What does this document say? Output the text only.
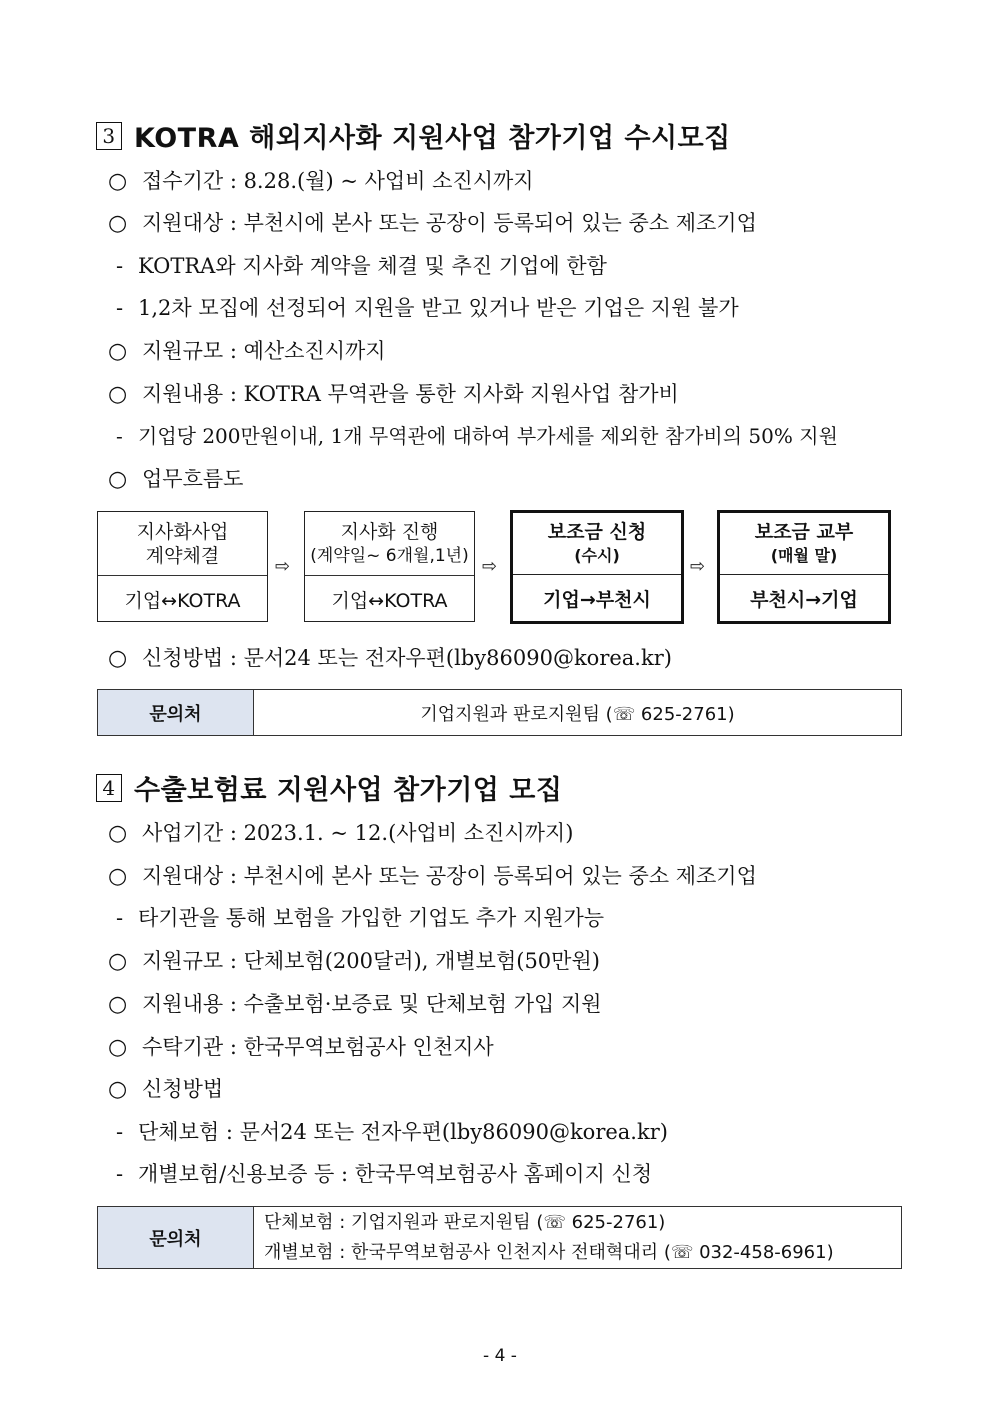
3 KOTRA 해외지사화 지원사업 참가기업 수시모집
○ 접수기간 : 8.28.(월) ~ 사업비 소진시까지
○ 지원대상 : 부천시에 본사 또는 공장이 등록되어 있는 중소 제조기업
- KOTRA와 지사화 계약을 체결 및 추진 기업에 한함
- 1,2차 모집에 선정되어 지원을 받고 있거나 받은 기업은 지원 불가
○ 지원규모 : 예산소진시까지
○ 지원내용 : KOTRA 무역관을 통한 지사화 지원사업 참가비
- 기업당 200만원이내, 1개 무역관에 대하여 부가세를 제외한 참가비의 50% 지원
○ 업무흐름도
지사화사업
계약체결
기업↔KOTRA
⇨
지사화 진행
(계약일~ 6개월,1년)
기업↔KOTRA
⇨
보조금 신청
(수시)
기업→부천시
⇨
보조금 교부
(매월 말)
부천시→기업
○ 신청방법 : 문서24 또는 전자우편(lby86090@korea.kr)
문의처	기업지원과 판로지원팀 (☏ 625-2761)
4 수출보험료 지원사업 참가기업 모집
○ 사업기간 : 2023.1. ~ 12.(사업비 소진시까지)
○ 지원대상 : 부천시에 본사 또는 공장이 등록되어 있는 중소 제조기업
- 타기관을 통해 보험을 가입한 기업도 추가 지원가능
○ 지원규모 : 단체보험(200달러), 개별보험(50만원)
○ 지원내용 : 수출보험·보증료 및 단체보험 가입 지원
○ 수탁기관 : 한국무역보험공사 인천지사
○ 신청방법
- 단체보험 : 문서24 또는 전자우편(lby86090@korea.kr)
- 개별보험/신용보증 등 : 한국무역보험공사 홈페이지 신청
문의처
단체보험 : 기업지원과 판로지원팀 (☏ 625-2761)
개별보험 : 한국무역보험공사 인천지사 전태혁대리 (☏ 032-458-6961)
- 4 -
